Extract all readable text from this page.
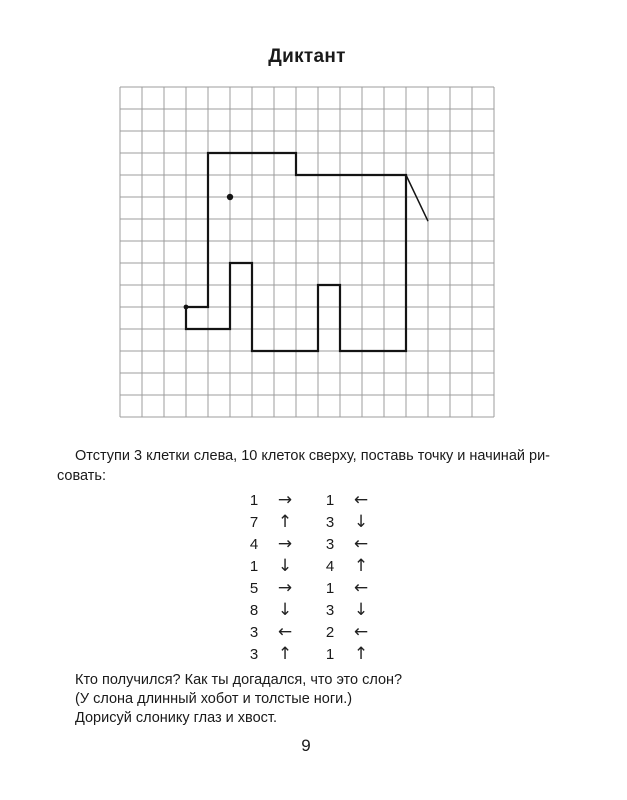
Диктант
Отступи 3 клетки слева, 10 клеток сверху, поставь точку и начинай ри-
совать:
1	→	1	←
7	↑	3	↓
4	→	3	←
1	↓	4	↑
5	→	1	←
8	↓	3	↓
3	←	2	←
3	↑	1	↑

Кто получился? Как ты догадался, что это слон?

(У слона длинный хобот и толстые ноги.)

Дорисуй слонику глаз и хвост.

9
